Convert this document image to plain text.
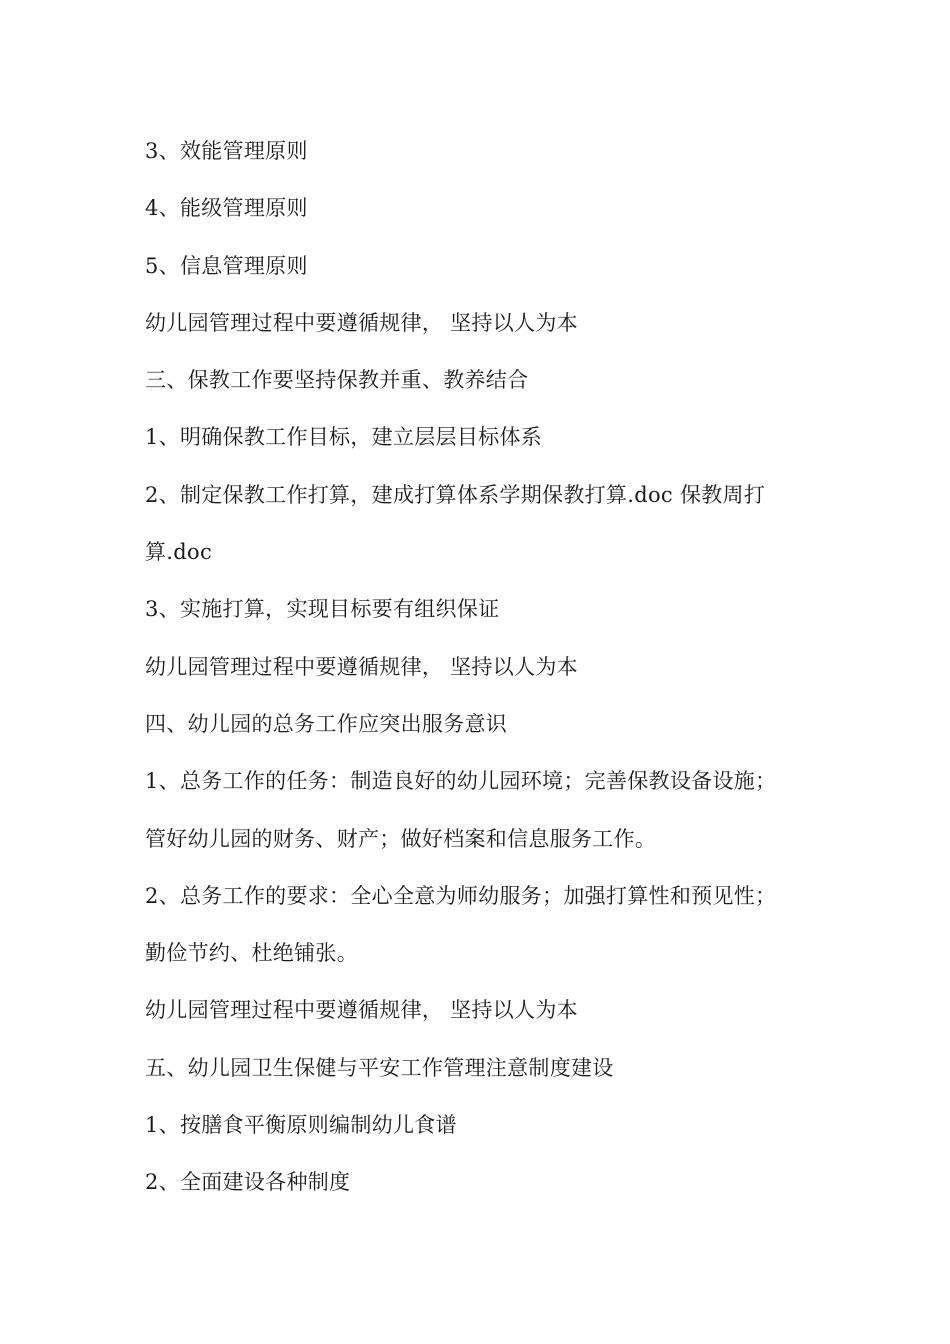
3、效能管理原则
4、能级管理原则
5、信息管理原则
幼儿园管理过程中要遵循规律， 坚持以人为本
三、保教工作要坚持保教并重、教养结合
1、明确保教工作目标，建立层层目标体系
2、制定保教工作打算，建成打算体系学期保教打算.doc 保教周打
算.doc
3、实施打算，实现目标要有组织保证
幼儿园管理过程中要遵循规律， 坚持以人为本
四、幼儿园的总务工作应突出服务意识
1、总务工作的任务：制造良好的幼儿园环境；完善保教设备设施；
管好幼儿园的财务、财产；做好档案和信息服务工作。
2、总务工作的要求：全心全意为师幼服务；加强打算性和预见性；
勤俭节约、杜绝铺张。
幼儿园管理过程中要遵循规律， 坚持以人为本
五、幼儿园卫生保健与平安工作管理注意制度建设
1、按膳食平衡原则编制幼儿食谱
2、全面建设各种制度
